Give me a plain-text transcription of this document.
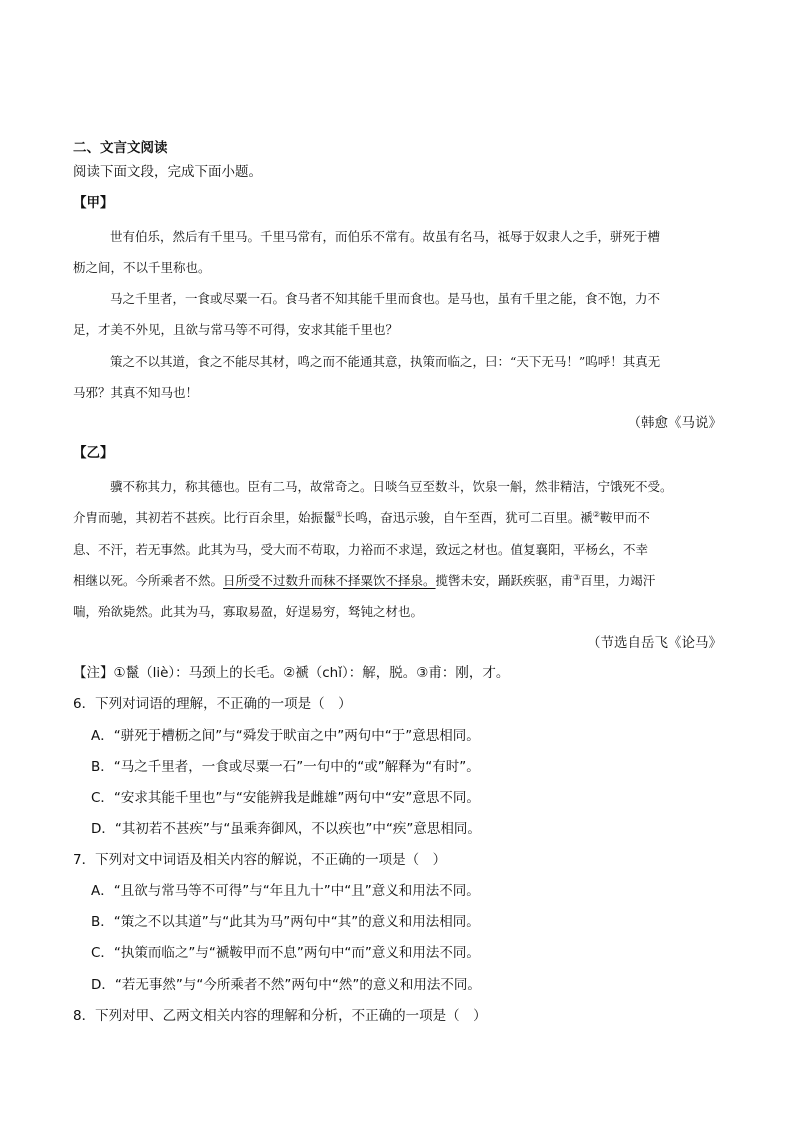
二、文言文阅读
阅读下面文段，完成下面小题。
【甲】
世有伯乐，然后有千里马。千里马常有，而伯乐不常有。故虽有名马，祗辱于奴隶人之手，骈死于槽
枥之间，不以千里称也。
马之千里者，一食或尽粟一石。食马者不知其能千里而食也。是马也，虽有千里之能，食不饱，力不
足，才美不外见，且欲与常马等不可得，安求其能千里也？
策之不以其道，食之不能尽其材，鸣之而不能通其意，执策而临之，曰：“天下无马！”呜呼！其真无
马邪？其真不知马也！
（韩愈《马说》
【乙】
骥不称其力，称其德也。臣有二马，故常奇之。日啖刍豆至数斗，饮泉一斛，然非精洁，宁饿死不受。
介胄而驰，其初若不甚疾。比行百余里，始振鬣①长鸣，奋迅示骏，自午至酉，犹可二百里。褫②鞍甲而不
息、不汗，若无事然。此其为马，受大而不苟取，力裕而不求逞，致远之材也。值复襄阳，平杨幺，不幸
相继以死。今所乘者不然。日所受不过数升而秣不择粟饮不择泉。揽辔未安，踊跃疾驱，甫③百里，力竭汗
喘，殆欲毙然。此其为马，寡取易盈，好逞易穷，驽钝之材也。
（节选自岳飞《论马》
【注】①鬣（liè）：马颈上的长毛。②褫（chǐ）：解，脱。③甫：刚，才。
6．下列对词语的理解，不正确的一项是（　）
A．“骈死于槽枥之间”与“舜发于畎亩之中”两句中“于”意思相同。
B．“马之千里者，一食或尽粟一石”一句中的“或”解释为“有时”。
C．“安求其能千里也”与“安能辨我是雌雄”两句中“安”意思不同。
D．“其初若不甚疾”与“虽乘奔御风，不以疾也”中“疾”意思相同。
7．下列对文中词语及相关内容的解说，不正确的一项是（　）
A．“且欲与常马等不可得”与“年且九十”中“且”意义和用法不同。
B．“策之不以其道”与“此其为马”两句中“其”的意义和用法相同。
C．“执策而临之”与“褫鞍甲而不息”两句中“而”意义和用法不同。
D．“若无事然”与“今所乘者不然”两句中“然”的意义和用法不同。
8．下列对甲、乙两文相关内容的理解和分析，不正确的一项是（　）
